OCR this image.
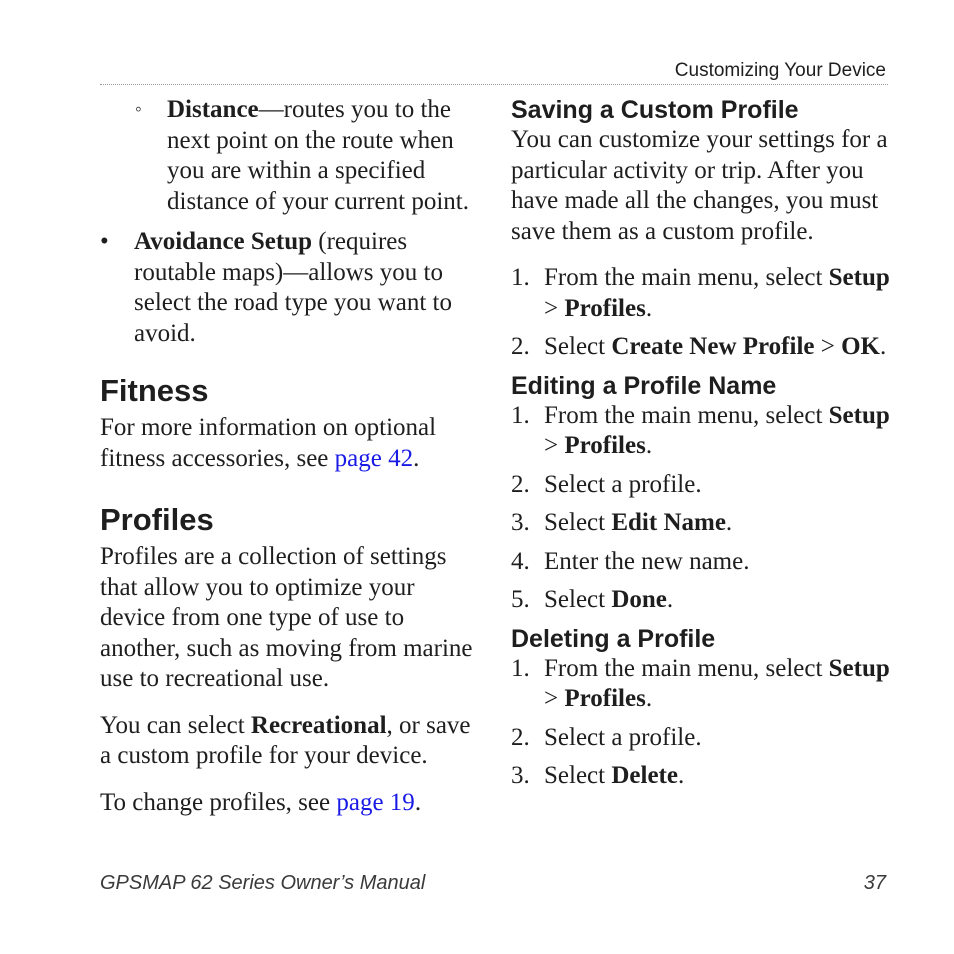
Customizing Your Device
◦ Distance—routes you to the next point on the route when you are within a specified distance of your current point.
• Avoidance Setup (requires routable maps)—allows you to select the road type you want to avoid.
Fitness

For more information on optional fitness accessories, see page 42.

Profiles

Profiles are a collection of settings that allow you to optimize your device from one type of use to another, such as moving from marine use to recreational use.

You can select Recreational, or save a custom profile for your device.

To change profiles, see page 19.

Saving a Custom Profile

You can customize your settings for a particular activity or trip. After you have made all the changes, you must save them as a custom profile.

1. From the main menu, select Setup > Profiles.
2. Select Create New Profile > OK.
Editing a Profile Name
1. From the main menu, select Setup > Profiles.
2. Select a profile.
3. Select Edit Name.
4. Enter the new name.
5. Select Done.
Deleting a Profile
1. From the main menu, select Setup > Profiles.
2. Select a profile.
3. Select Delete.
GPSMAP 62 Series Owner’s Manual	37
